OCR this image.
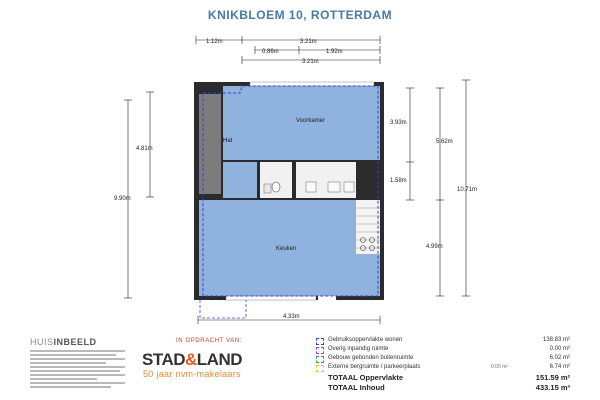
KNIKBLOEM 10, ROTTERDAM
1.12m	3.21m
0.86m	1.92m
3.21m
4.81m
9.90m
3.93m
1.58m
5.62m
10.71m
4.99m
4.33m
Voorkamer
Hal
Keuken
HUISINBEELD	IN OPDRACHT VAN:
STAD&LAND
50 jaar nvm-makelaars
Gebruiksoppervlakte wonen	138.83 m²
Overig inpandig ruimte	0.00 m²
Gebouw gebonden buitenruimte	6.02 m²
Externe bergruimte / parkeerplaats	0.00 m²	6.74 m²
TOTAAL Oppervlakte	151.59 m²
TOTAAL Inhoud	433.15 m³
